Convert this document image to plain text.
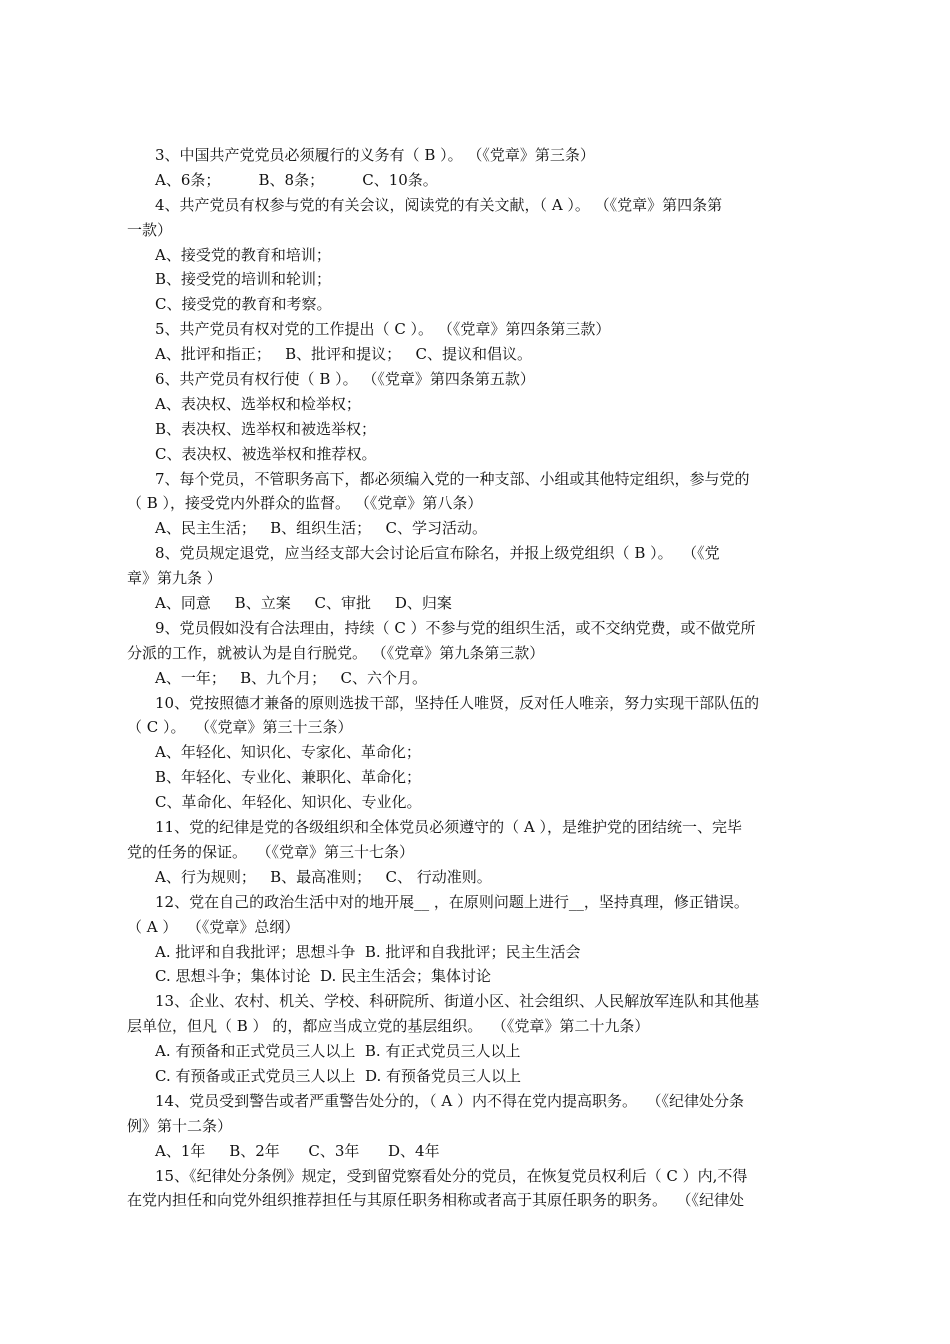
3、中国共产党党员必须履行的义务有（ B ）。 （《党章》第三条）
A、6条；        B、8条；        C、10条。
4、共产党员有权参与党的有关会议，阅读党的有关文献，（ A ）。 （《党章》第四条第
一款）
A、接受党的教育和培训；
B、接受党的培训和轮训；
C、接受党的教育和考察。
5、共产党员有权对党的工作提出（ C ）。 （《党章》第四条第三款）
A、批评和指正；   B、批评和提议；   C、提议和倡议。
6、共产党员有权行使（ B ）。 （《党章》第四条第五款）
A、表决权、选举权和检举权；
B、表决权、选举权和被选举权；
C、表决权、被选举权和推荐权。
7、每个党员，不管职务高下，都必须编入党的一种支部、小组或其他特定组织，参与党的
（ B ），接受党内外群众的监督。 （《党章》第八条）
A、民主生活；   B、组织生活；   C、学习活动。
8、党员规定退党，应当经支部大会讨论后宣布除名，并报上级党组织（ B ）。  （《党
章》第九条 ）
A、同意     B、立案     C、审批     D、归案
9、党员假如没有合法理由，持续（ C ）不参与党的组织生活，或不交纳党费，或不做党所
分派的工作，就被认为是自行脱党。 （《党章》第九条第三款）
A、一年；   B、九个月；   C、六个月。
10、党按照德才兼备的原则选拔干部，坚持任人唯贤，反对任人唯亲，努力实现干部队伍的
（ C ）。  （《党章》第三十三条）
A、年轻化、知识化、专家化、革命化；
B、年轻化、专业化、兼职化、革命化；
C、革命化、年轻化、知识化、专业化。
11、党的纪律是党的各级组织和全体党员必须遵守的（ A ），是维护党的团结统一、完毕
党的任务的保证。  （《党章》第三十七条）
A、行为规则；   B、最高准则；   C、 行动准则。
12、党在自己的政治生活中对的地开展__ ，在原则问题上进行__，坚持真理，修正错误。
（ A ）  （《党章》总纲）
A. 批评和自我批评；思想斗争  B. 批评和自我批评；民主生活会
C. 思想斗争；集体讨论  D. 民主生活会；集体讨论
13、企业、农村、机关、学校、科研院所、街道小区、社会组织、人民解放军连队和其他基
层单位，但凡（ B ） 的，都应当成立党的基层组织。  （《党章》第二十九条）
A. 有预备和正式党员三人以上  B. 有正式党员三人以上
C. 有预备或正式党员三人以上  D. 有预备党员三人以上
14、党员受到警告或者严重警告处分的，（ A ）内不得在党内提高职务。  （《纪律处分条
例》第十二条）
A、1年     B、2年      C、3年      D、4年
15、《纪律处分条例》规定，受到留党察看处分的党员，在恢复党员权利后（ C ）内,不得
在党内担任和向党外组织推荐担任与其原任职务相称或者高于其原任职务的职务。  （《纪律处
